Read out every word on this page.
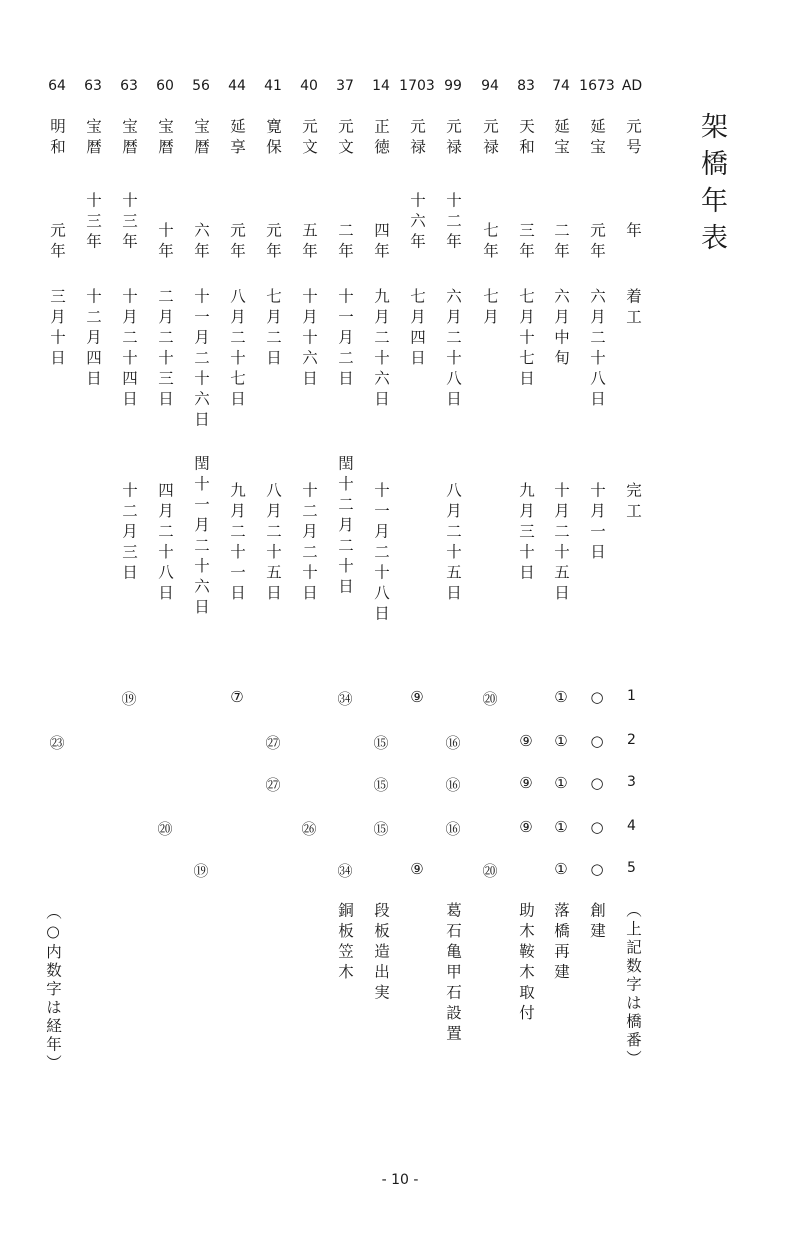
架橋年表
AD
元号
年
着工
完工
1673
延宝
元年
六月二十八日
十月一日
74
延宝
二年
六月中旬
十月二十五日
83
天和
三年
七月十七日
九月三十日
94
元禄
七年
七月
99
元禄
十二年
六月二十八日
八月二十五日
1703
元禄
十六年
七月四日
14
正徳
四年
九月二十六日
十一月二十八日
37
元文
二年
十一月二日
閏十二月二十日
40
元文
五年
十月十六日
十二月二十日
41
寛保
元年
七月二日
八月二十五日
44
延享
元年
八月二十七日
九月二十一日
56
宝暦
六年
十一月二十六日
閏十一月二十六日
60
宝暦
十年
二月二十三日
四月二十八日
63
宝暦
十三年
十月二十四日
十二月三日
63
宝暦
十三年
十二月四日
64
明和
元年
三月十日
1
○
①
⑳
⑨
㉞
⑦
⑲
2
○
①
⑨
⑯
⑮
㉗
㉓
3
○
①
⑨
⑯
⑮
㉗
4
○
①
⑨
⑯
⑮
㉖
⑳
5
○
①
⑳
⑨
㉞
⑲
（上記数字は橋番）
創建
落橋再建
助木鞍木取付
葛石亀甲石設置
段板造出実
銅板笠木
（○内数字は経年）
- 10 -
